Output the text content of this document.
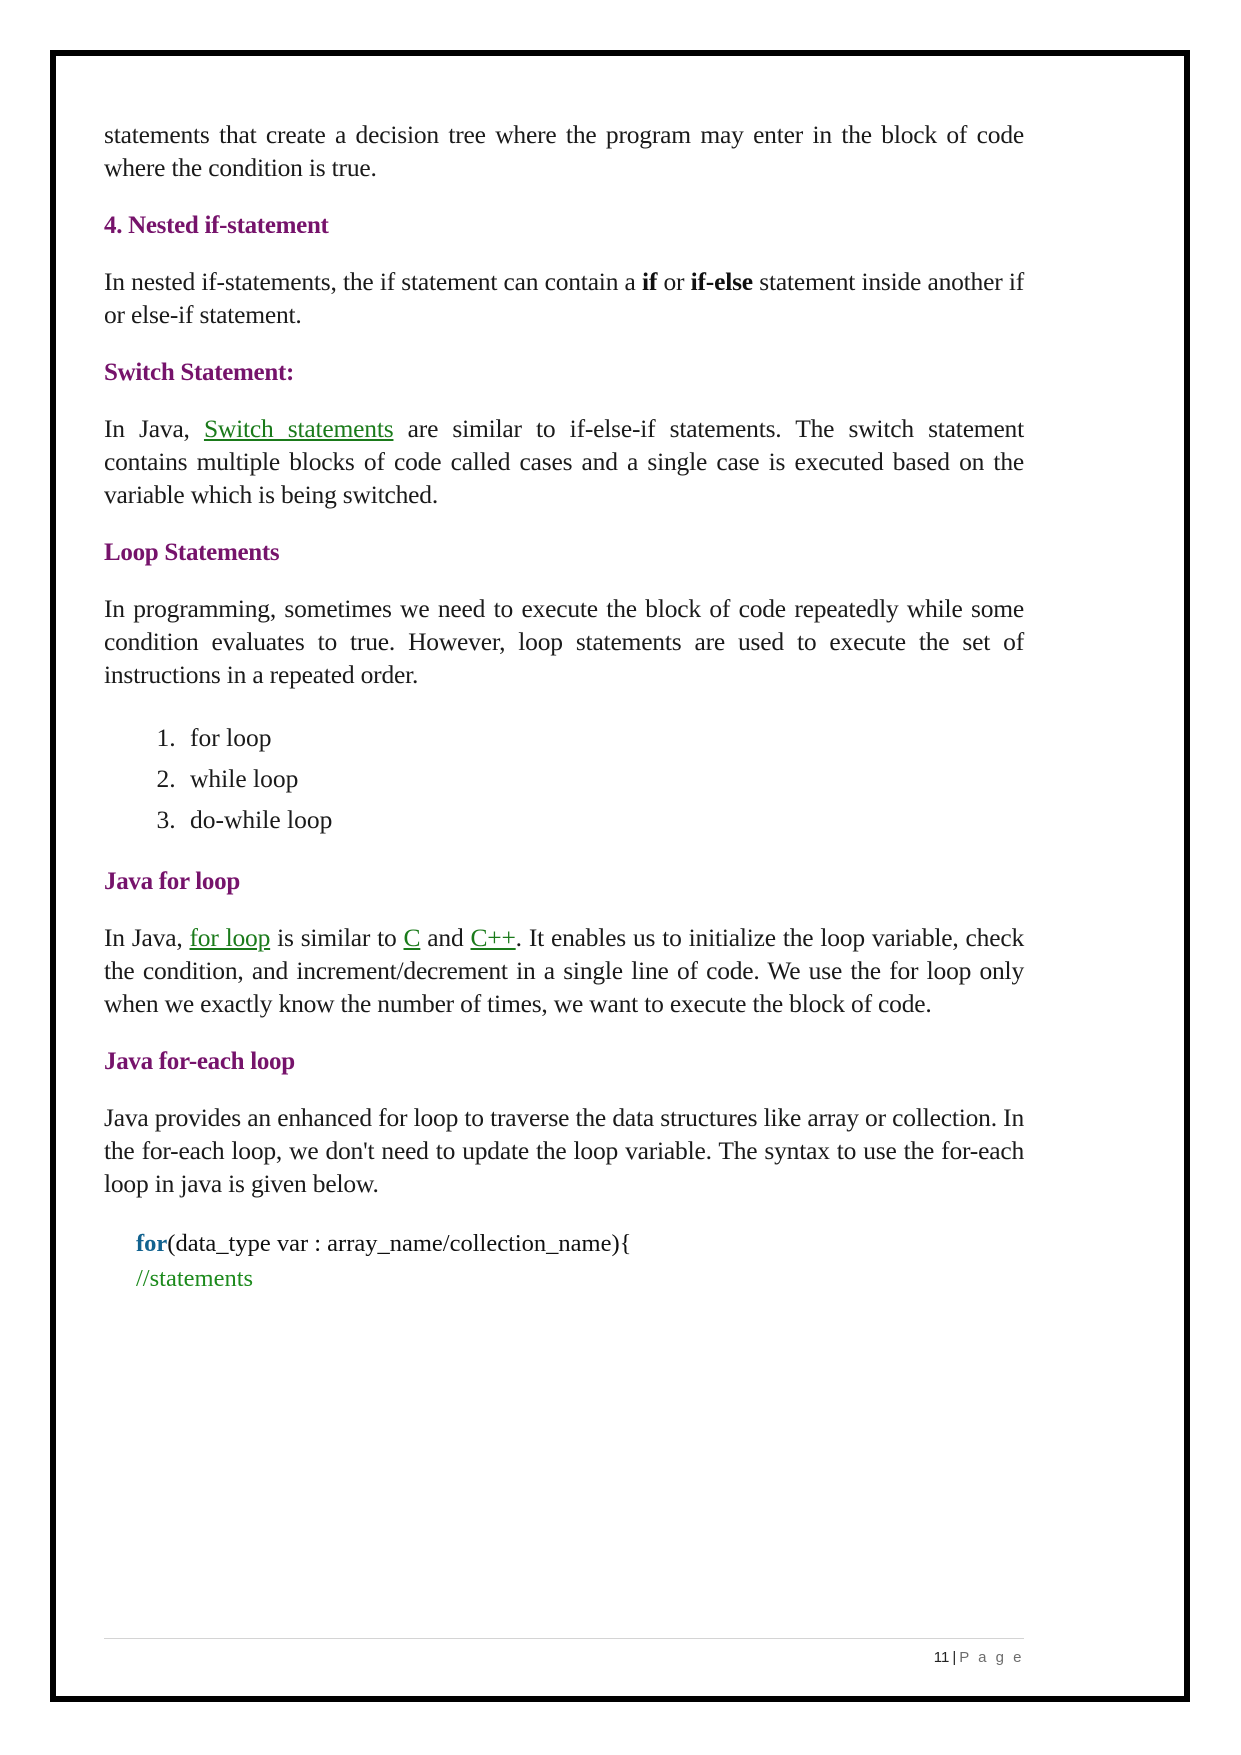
statements that create a decision tree where the program may enter in the block of code where the condition is true.

4. Nested if-statement

In nested if-statements, the if statement can contain a if or if-else statement inside another if or else-if statement.

Switch Statement:

In Java, Switch statements are similar to if-else-if statements. The switch statement contains multiple blocks of code called cases and a single case is executed based on the variable which is being switched.

Loop Statements

In programming, sometimes we need to execute the block of code repeatedly while some condition evaluates to true. However, loop statements are used to execute the set of instructions in a repeated order.

1. for loop
2. while loop
3. do-while loop
Java for loop

In Java, for loop is similar to C and C++. It enables us to initialize the loop variable, check the condition, and increment/decrement in a single line of code. We use the for loop only when we exactly know the number of times, we want to execute the block of code.

Java for-each loop

Java provides an enhanced for loop to traverse the data structures like array or collection. In the for-each loop, we don't need to update the loop variable. The syntax to use the for-each loop in java is given below.

for(data_type var : array_name/collection_name){
//statements
11 | P a g e
